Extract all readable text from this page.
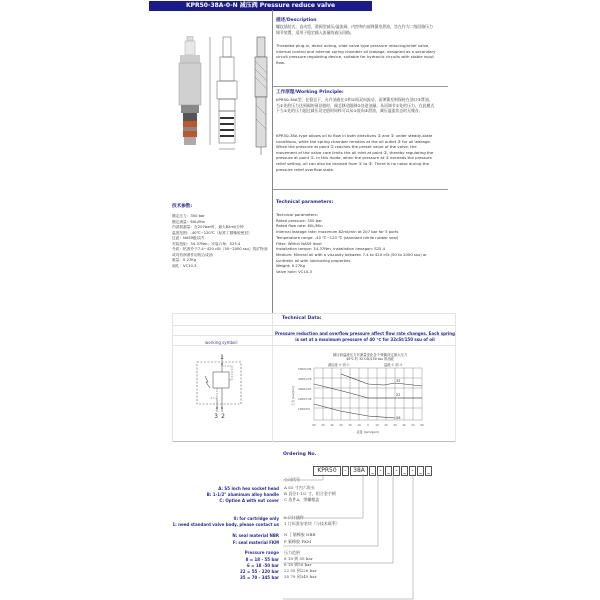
KPR50-38A-0-N 减压阀 Pressure reduce valve
描述/Description
螺纹插装式，直动型，滑阀型减压/溢流阀，内控和内部弹簧室泄油，旨在作为二级回路压力调节装置，适用于稳定输入流量的液压回路。
Threaded plug-in, direct acting, slide valve type pressure reducing/relief valve, internal control and internal spring chamber oil leakage, designed as a secondary circuit pressure regulating device, suitable for hydraulic circuits with stable input flow.
工作原理/Working Principle:
KPR50-38A型，在稳态下，允许油液在②和①间双向流动，而弹簧室则保持在油口③泄油。当①处的压力达到阀的预设值时，阀芯移动限制②处进油量，从而调节①处的压力。在此模式下当①处的压力超过减压设定值时同样可以从①流向③泄油，减压溢流状态时无噪音。
KPR50-38A type allows oil to flow in both directions ② and ① under steady-state conditions, while the spring chamber remains at the oil outlet ③ for oil leakage. When the pressure at point ① reaches the preset value of the valve, the movement of the valve core limits the oil inlet at point ②, thereby regulating the pressure at point ①. In this mode, when the pressure at ① exceeds the pressure relief setting, oil can also be drained from ① to ③. There is no noise during the pressure relief overflow state.
技术参数:
额定压力：350 bar
额定流量：60L/Min
内部泄漏量：在207bar时，最大82ml/分钟
温度范围：-40℃~120℃（标准丁腈橡胶密封）
过滤：NAS9级以内
安装扭矩：34-37Nm；安装六角：S25.4
介质：粘度介于7.4~420 cSt（50~2000 ssu）的矿物油或具有润滑作用的合成油
重量：0.27Kg
阀孔：VC10-3
Technical parameters:
Technical parameters:
Rated pressure: 350 bar
Rated flow rate: 60L/Min
Internal leakage rate: maximum 82ml/min at 207 bar for 5 ports
Temperature range: -40 ℃~120 ℃ (standard nitrile rubber seal)
Filter: Within NAS9 level
Installation torque: 34-37Nm, installation hexagon: S25.4
Medium: Mineral oil with a viscosity between 7.4 to 420 cSt (50 to 2000 ssu) or synthetic oil with lubricating properties
Weight: 0.27Kg
Valve hole: VC10-3
Technical Data:
working symbol:
Pressure reduction and overflow pressure affect flow rate changes. Each spring is set at a maximum pressure of 40 ℃ for 32cSt/150 ssu of oil
1
3 2
减压和溢流压力对流量变化各个弹簧设定最大压力
40℃ 时 32 CSt/150 ssu 的油液
减压流 ② 到 ①	溢流 ① 到 ③
35
22
06
5000/345
4000/276
3000/207
2000/138
1000/69
60 50 40 30 20 10	0	10 20 30 40 50 60
流量 (lpm/gpm)
压力 (bar/psi)
Ordering No.
KPR50	-	38A	_ - _ - _ - _ _
公司代号
A: S5 inch hex socket head
B: 1-1/2" aluminum alloy handle
C: Option A with nut cover
A S5 寸内六角头
B 直径1-1/2 寸，铝合金手柄
C 选件A，带螺帽盖
0: for cartridge only
1: need standard valve body, please contact us
0 只订插件
1 订标准安装块（与技术联系）
N: seal material NBR
F: seal material FKM
N 丁腈橡胶 NBR
F 氟橡胶 FKM
Pressure range 压力范围
8 = 18 - 55 bar
6 = 18 -50 bar
22 = 55 - 220 bar
35 = 70 - 345 bar
8 18 到 55 bar
6 18 到50 bar
22 55 到220 bar
35 70 到345 bar
